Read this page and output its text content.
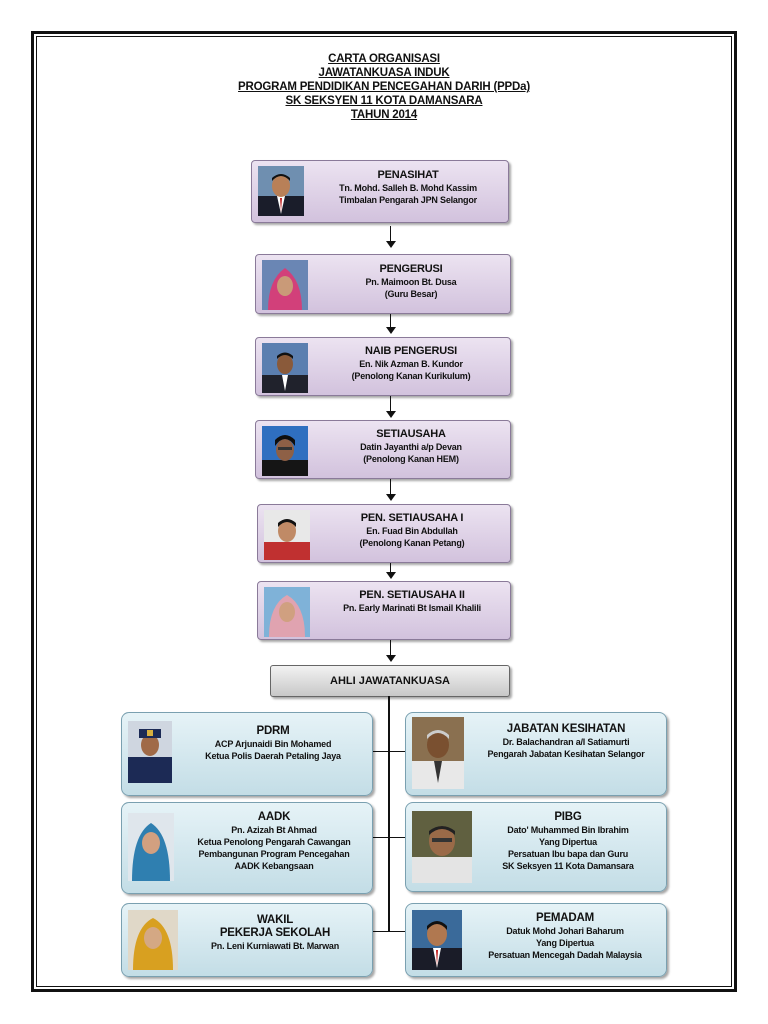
CARTA ORGANISASI
JAWATANKUASA INDUK
PROGRAM PENDIDIKAN PENCEGAHAN DARIH (PPDa)
SK SEKSYEN 11 KOTA DAMANSARA
TAHUN 2014
PENASIHAT
Tn. Mohd. Salleh B. Mohd Kassim
Timbalan Pengarah JPN Selangor
PENGERUSI
Pn. Maimoon Bt. Dusa
(Guru Besar)
NAIB PENGERUSI
En. Nik Azman B. Kundor
(Penolong Kanan Kurikulum)
SETIAUSAHA
Datin Jayanthi a/p Devan
(Penolong Kanan HEM)
PEN. SETIAUSAHA I
En. Fuad Bin Abdullah
(Penolong Kanan Petang)
PEN. SETIAUSAHA II
Pn. Early Marinati Bt Ismail Khalili
AHLI JAWATANKUASA
PDRM
ACP Arjunaidi Bin Mohamed
Ketua Polis Daerah Petaling Jaya
AADK
Pn. Azizah Bt Ahmad
Ketua Penolong Pengarah Cawangan
Pembangunan Program Pencegahan
AADK Kebangsaan
WAKIL
PEKERJA SEKOLAH
Pn. Leni Kurniawati Bt. Marwan
JABATAN KESIHATAN
Dr. Balachandran a/l Satiamurti
Pengarah Jabatan Kesihatan Selangor
PIBG
Dato' Muhammed Bin Ibrahim
Yang Dipertua
Persatuan Ibu bapa dan Guru
SK Seksyen 11 Kota Damansara
PEMADAM
Datuk Mohd Johari Baharum
Yang Dipertua
Persatuan Mencegah Dadah Malaysia
